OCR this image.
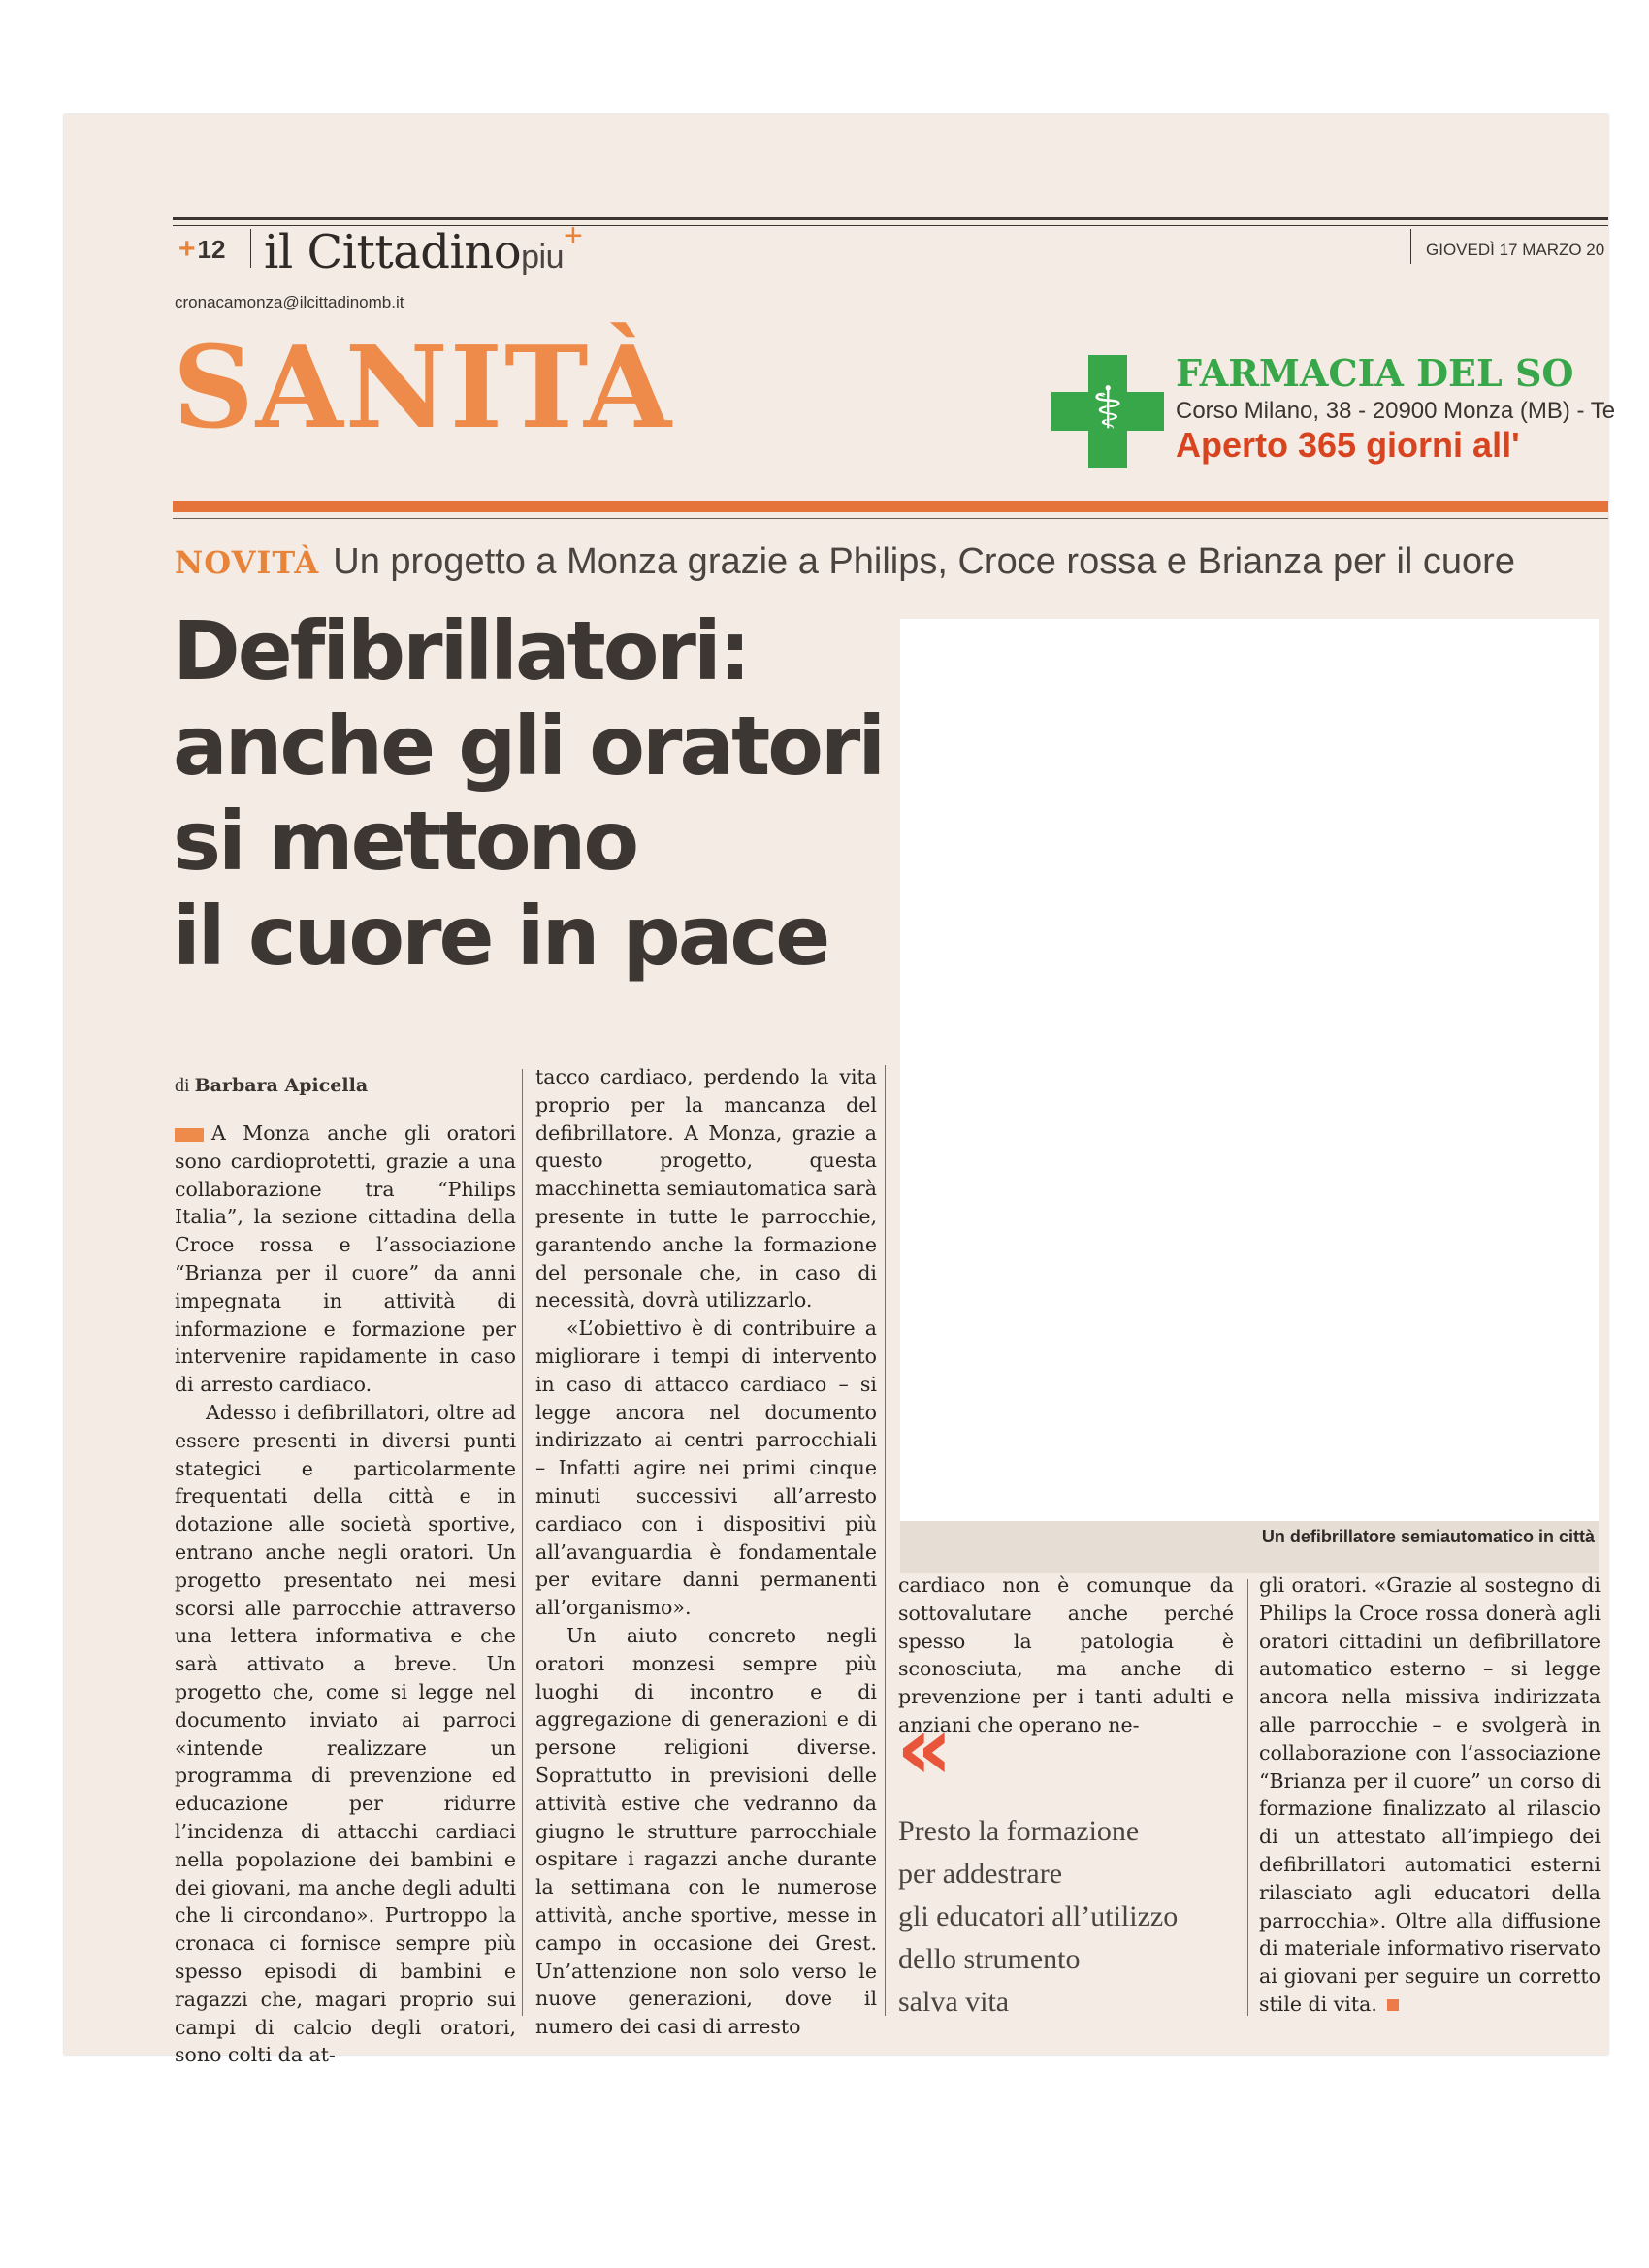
+12 il Cittadinopiu+	GIOVEDÌ 17 MARZO 20
cronacamonza@ilcittadinomb.it
SANITÀ	⚕
FARMACIA DEL SO
Corso Milano, 38 - 20900 Monza (MB) - Te
Aperto 365 giorni all'
NOVITÀ Un progetto a Monza grazie a Philips, Croce rossa e Brianza per il cuore
Defibrillatori:
anche gli oratori
si mettono
il cuore in pace
Un defibrillatore semiautomatico in città
di Barbara Apicella

A Monza anche gli oratori sono cardioprotetti, grazie a una collaborazione tra “Philips Italia”, la sezione cittadina della Croce rossa e l’associazione “Brianza per il cuore” da anni impegnata in attività di informazione e formazione per intervenire rapidamente in caso di arresto cardiaco.

Adesso i defibrillatori, oltre ad essere presenti in diversi punti stategici e particolarmente frequentati della città e in dotazione alle società sportive, entrano anche negli oratori. Un progetto presentato nei mesi scorsi alle parrocchie attraverso una lettera informativa e che sarà attivato a breve. Un progetto che, come si legge nel documento inviato ai parroci «intende realizzare un programma di prevenzione ed educazione per ridurre l’incidenza di attacchi cardiaci nella popolazione dei bambini e dei giovani, ma anche degli adulti che li circondano». Purtroppo la cronaca ci fornisce sempre più spesso episodi di bambini e ragazzi che, magari proprio sui campi di calcio degli oratori, sono colti da at-

tacco cardiaco, perdendo la vita proprio per la mancanza del defibrillatore. A Monza, grazie a questo progetto, questa macchinetta semiautomatica sarà presente in tutte le parrocchie, garantendo anche la formazione del personale che, in caso di necessità, dovrà utilizzarlo.

«L’obiettivo è di contribuire a migliorare i tempi di intervento in caso di attacco cardiaco – si legge ancora nel documento indirizzato ai centri parrocchiali – Infatti agire nei primi cinque minuti successivi all’arresto cardiaco con i dispositivi più all’avanguardia è fondamentale per evitare danni permanenti all’organismo».

Un aiuto concreto negli oratori monzesi sempre più luoghi di incontro e di aggregazione di generazioni e di persone religioni diverse. Soprattutto in previsioni delle attività estive che vedranno da giugno le strutture parrocchiale ospitare i ragazzi anche durante la settimana con le numerose attività, anche sportive, messe in campo in occasione dei Grest. Un’attenzione non solo verso le nuove generazioni, dove il numero dei casi di arresto

cardiaco non è comunque da sottovalutare anche perché spesso la patologia è sconosciuta, ma anche di prevenzione per i tanti adulti e anziani che operano ne-

«
Presto la formazione
per addestrare
gli educatori all’utilizzo
dello strumento
salva vita

gli oratori. «Grazie al sostegno di Philips la Croce rossa donerà agli oratori cittadini un defibrillatore automatico esterno – si legge ancora nella missiva indirizzata alle parrocchie – e svolgerà in collaborazione con l’associazione “Brianza per il cuore” un corso di formazione finalizzato al rilascio di un attestato all’impiego dei defibrillatori automatici esterni rilasciato agli educatori della parrocchia». Oltre alla diffusione di materiale informativo riservato ai giovani per seguire un corretto stile di vita.
